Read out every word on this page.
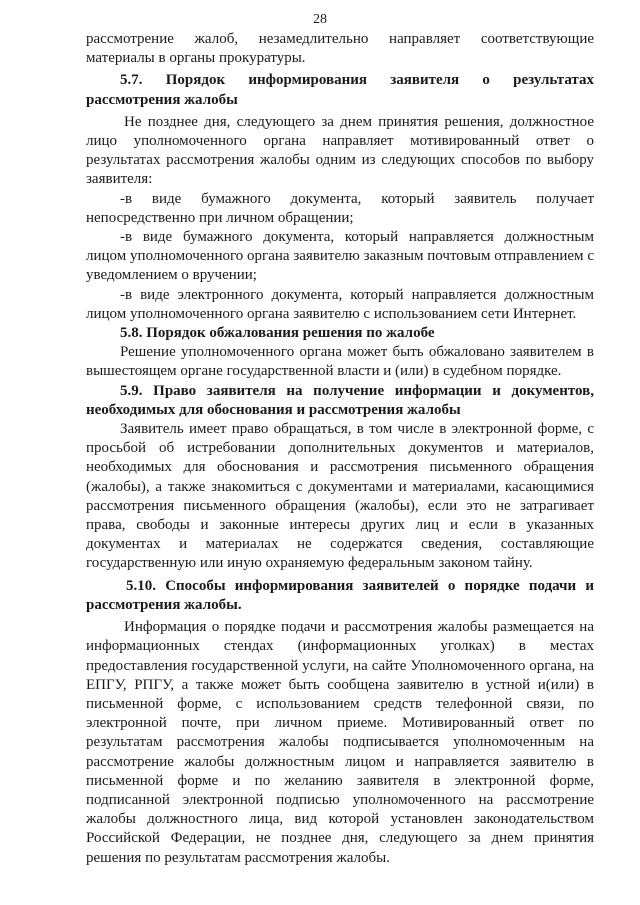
28

рассмотрение жалоб, незамедлительно направляет соответствующие материалы в органы прокуратуры.

5.7. Порядок информирования заявителя о результатах рассмотрения жалобы

Не позднее дня, следующего за днем принятия решения, должностное лицо уполномоченного органа направляет мотивированный ответ о результатах рассмотрения жалобы одним из следующих способов по выбору заявителя:

-в виде бумажного документа, который заявитель получает непосредственно при личном обращении;

-в виде бумажного документа, который направляется должностным лицом уполномоченного органа заявителю заказным почтовым отправлением с уведомлением о вручении;

-в виде электронного документа, который направляется должностным лицом уполномоченного органа заявителю с использованием сети Интернет.

5.8. Порядок обжалования решения по жалобе

Решение уполномоченного органа может быть обжаловано заявителем в вышестоящем органе государственной власти и (или) в судебном порядке.

5.9. Право заявителя на получение информации и документов, необходимых для обоснования и рассмотрения жалобы

Заявитель имеет право обращаться, в том числе в электронной форме, с просьбой об истребовании дополнительных документов и материалов, необходимых для обоснования и рассмотрения письменного обращения (жалобы), а также знакомиться с документами и материалами, касающимися рассмотрения письменного обращения (жалобы), если это не затрагивает права, свободы и законные интересы других лиц и если в указанных документах и материалах не содержатся сведения, составляющие государственную или иную охраняемую федеральным законом тайну.

5.10. Способы информирования заявителей о порядке подачи и рассмотрения жалобы.

Информация о порядке подачи и рассмотрения жалобы размещается на информационных стендах (информационных уголках) в местах предоставления государственной услуги, на сайте Уполномоченного органа, на ЕПГУ, РПГУ, а также может быть сообщена заявителю в устной и(или) в письменной форме, с использованием средств телефонной связи, по электронной почте, при личном приеме. Мотивированный ответ по результатам рассмотрения жалобы подписывается уполномоченным на рассмотрение жалобы должностным лицом и направляется заявителю в письменной форме и по желанию заявителя в электронной форме, подписанной электронной подписью уполномоченного на рассмотрение жалобы должностного лица, вид которой установлен законодательством Российской Федерации, не позднее дня, следующего за днем принятия решения по результатам рассмотрения жалобы.
